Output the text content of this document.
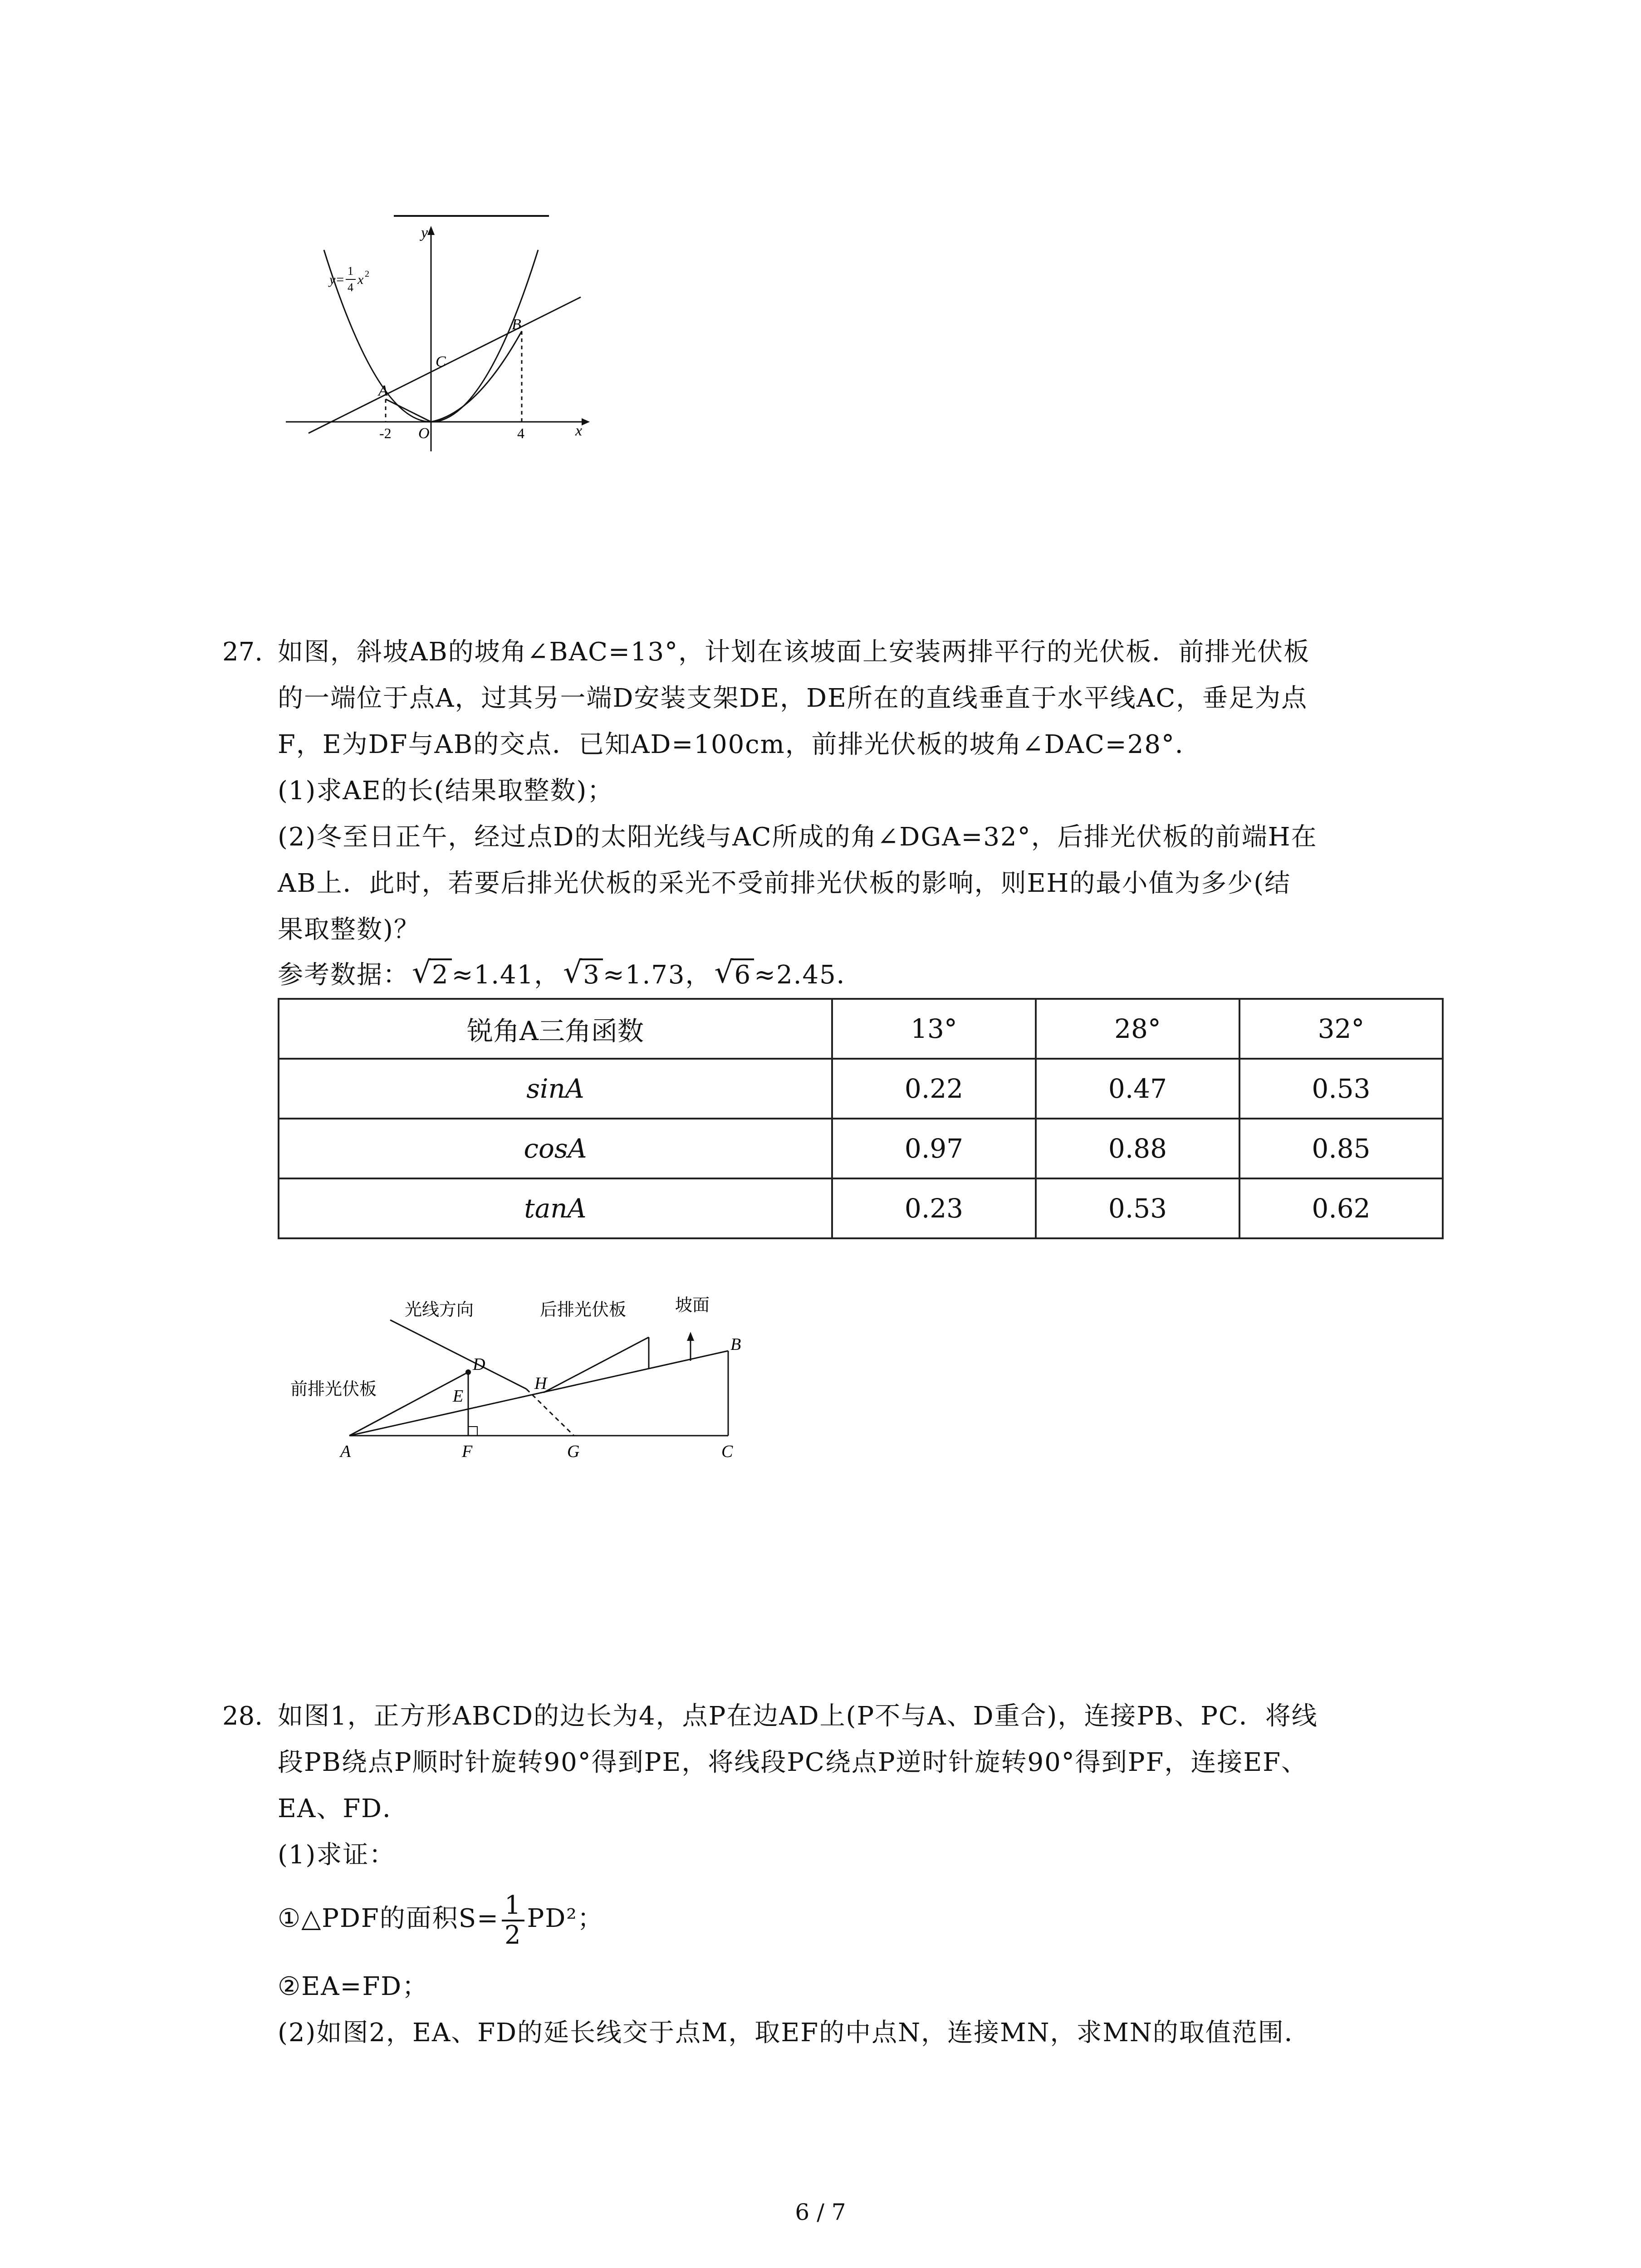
y
x
B
C
A
O
-2	4
y=
1
4
x 2
27. 如图，斜坡AB的坡角∠BAC=13°，计划在该坡面上安装两排平行的光伏板．前排光伏板
的一端位于点A，过其另一端D安装支架DE，DE所在的直线垂直于水平线AC，垂足为点
F，E为DF与AB的交点．已知AD=100cm，前排光伏板的坡角∠DAC=28°．
(1)求AE的长(结果取整数)；
(2)冬至日正午，经过点D的太阳光线与AC所成的角∠DGA=32°，后排光伏板的前端H在
AB上．此时，若要后排光伏板的采光不受前排光伏板的影响，则EH的最小值为多少(结
果取整数)？
参考数据： √ 2 ≈1.41， √ 3 ≈1.73， √ 6 ≈2.45．
锐角A三角函数	13°	28°	32°
sinA	0.22	0.47	0.53
cosA	0.97	0.88	0.85
tanA	0.23	0.53	0.62
光线方向	后排光伏板	坡面
前排光伏板
D
E
H
B
A	F	G	C
28. 如图1，正方形ABCD的边长为4，点P在边AD上(P不与A、D重合)，连接PB、PC．将线
段PB绕点P顺时针旋转90°得到PE，将线段PC绕点P逆时针旋转90°得到PF，连接EF、
EA、FD．
(1)求证：
①△PDF的面积$S= \frac{1}{2} PD^2$；
②EA=FD；
(2)如图2，EA、FD的延长线交于点M，取EF的中点N，连接MN，求MN的取值范围．
6 / 7
